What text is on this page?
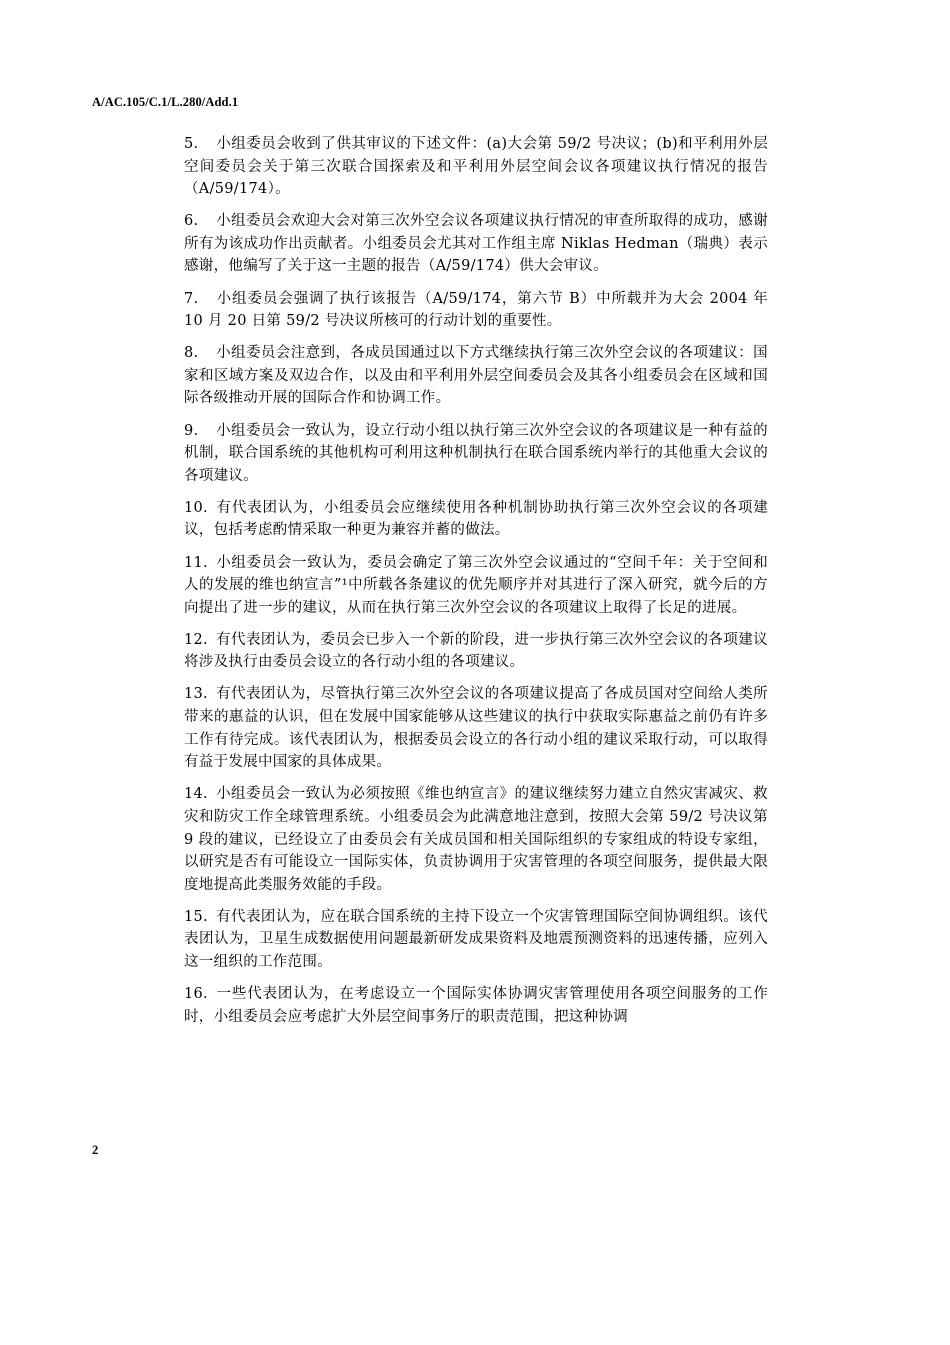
A/AC.105/C.1/L.280/Add.1

5. 小组委员会收到了供其审议的下述文件：(a)大会第 59/2 号决议；(b)和平利用外层空间委员会关于第三次联合国探索及和平利用外层空间会议各项建议执行情况的报告（A/59/174）。

6. 小组委员会欢迎大会对第三次外空会议各项建议执行情况的审查所取得的成功，感谢所有为该成功作出贡献者。小组委员会尤其对工作组主席 Niklas Hedman（瑞典）表示感谢，他编写了关于这一主题的报告（A/59/174）供大会审议。

7. 小组委员会强调了执行该报告（A/59/174，第六节 B）中所载并为大会 2004 年 10 月 20 日第 59/2 号决议所核可的行动计划的重要性。

8. 小组委员会注意到，各成员国通过以下方式继续执行第三次外空会议的各项建议：国家和区域方案及双边合作，以及由和平利用外层空间委员会及其各小组委员会在区域和国际各级推动开展的国际合作和协调工作。

9. 小组委员会一致认为，设立行动小组以执行第三次外空会议的各项建议是一种有益的机制，联合国系统的其他机构可利用这种机制执行在联合国系统内举行的其他重大会议的各项建议。

10. 有代表团认为，小组委员会应继续使用各种机制协助执行第三次外空会议的各项建议，包括考虑酌情采取一种更为兼容并蓄的做法。

11. 小组委员会一致认为，委员会确定了第三次外空会议通过的“空间千年：关于空间和人的发展的维也纳宣言”¹中所载各条建议的优先顺序并对其进行了深入研究，就今后的方向提出了进一步的建议，从而在执行第三次外空会议的各项建议上取得了长足的进展。

12. 有代表团认为，委员会已步入一个新的阶段，进一步执行第三次外空会议的各项建议将涉及执行由委员会设立的各行动小组的各项建议。

13. 有代表团认为，尽管执行第三次外空会议的各项建议提高了各成员国对空间给人类所带来的惠益的认识，但在发展中国家能够从这些建议的执行中获取实际惠益之前仍有许多工作有待完成。该代表团认为，根据委员会设立的各行动小组的建议采取行动，可以取得有益于发展中国家的具体成果。

14. 小组委员会一致认为必须按照《维也纳宣言》的建议继续努力建立自然灾害减灾、救灾和防灾工作全球管理系统。小组委员会为此满意地注意到，按照大会第 59/2 号决议第 9 段的建议，已经设立了由委员会有关成员国和相关国际组织的专家组成的特设专家组，以研究是否有可能设立一国际实体，负责协调用于灾害管理的各项空间服务，提供最大限度地提高此类服务效能的手段。

15. 有代表团认为，应在联合国系统的主持下设立一个灾害管理国际空间协调组织。该代表团认为，卫星生成数据使用问题最新研发成果资料及地震预测资料的迅速传播，应列入这一组织的工作范围。

16. 一些代表团认为，在考虑设立一个国际实体协调灾害管理使用各项空间服务的工作时，小组委员会应考虑扩大外层空间事务厅的职责范围，把这种协调

2
